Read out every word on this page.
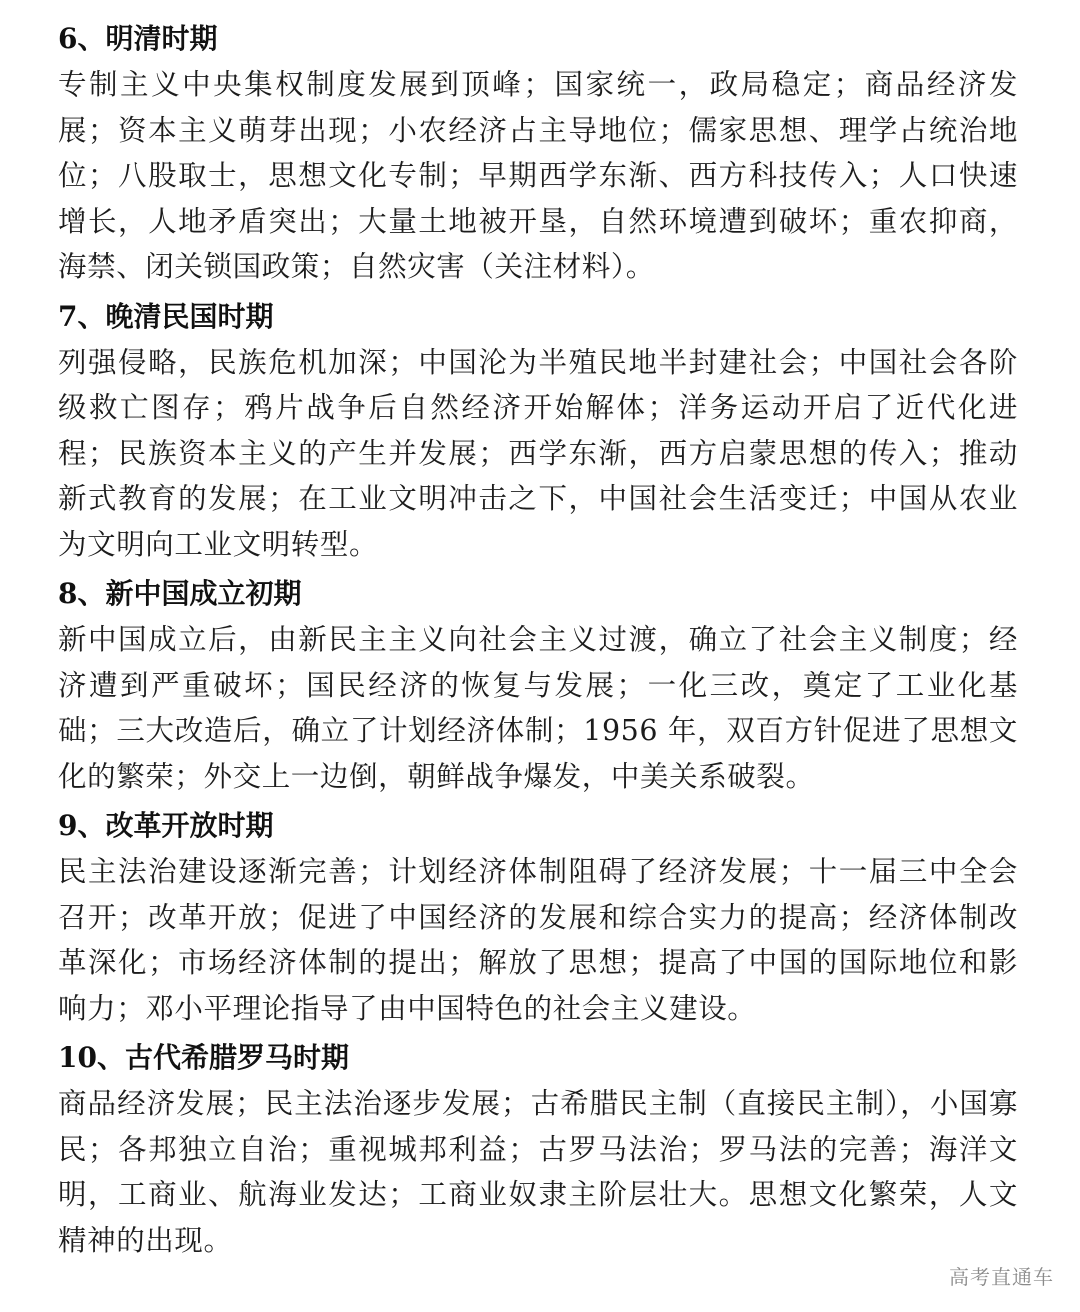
6、明清时期
专制主义中央集权制度发展到顶峰；国家统一，政局稳定；商品经济发展；资本主义萌芽出现；小农经济占主导地位；儒家思想、理学占统治地位；八股取士，思想文化专制；早期西学东渐、西方科技传入；人口快速增长，人地矛盾突出；大量土地被开垦，自然环境遭到破坏；重农抑商，海禁、闭关锁国政策；自然灾害（关注材料）。
7、晚清民国时期
列强侵略，民族危机加深；中国沦为半殖民地半封建社会；中国社会各阶级救亡图存；鸦片战争后自然经济开始解体；洋务运动开启了近代化进程；民族资本主义的产生并发展；西学东渐，西方启蒙思想的传入；推动新式教育的发展；在工业文明冲击之下，中国社会生活变迁；中国从农业为文明向工业文明转型。
8、新中国成立初期
新中国成立后，由新民主主义向社会主义过渡，确立了社会主义制度；经济遭到严重破坏；国民经济的恢复与发展；一化三改，奠定了工业化基础；三大改造后，确立了计划经济体制；1956 年，双百方针促进了思想文化的繁荣；外交上一边倒，朝鲜战争爆发，中美关系破裂。
9、改革开放时期
民主法治建设逐渐完善；计划经济体制阻碍了经济发展；十一届三中全会召开；改革开放；促进了中国经济的发展和综合实力的提高；经济体制改革深化；市场经济体制的提出；解放了思想；提高了中国的国际地位和影响力；邓小平理论指导了由中国特色的社会主义建设。
10、古代希腊罗马时期
商品经济发展；民主法治逐步发展；古希腊民主制（直接民主制），小国寡民；各邦独立自治；重视城邦利益；古罗马法治；罗马法的完善；海洋文明，工商业、航海业发达；工商业奴隶主阶层壮大。思想文化繁荣，人文精神的出现。
高考直通车
